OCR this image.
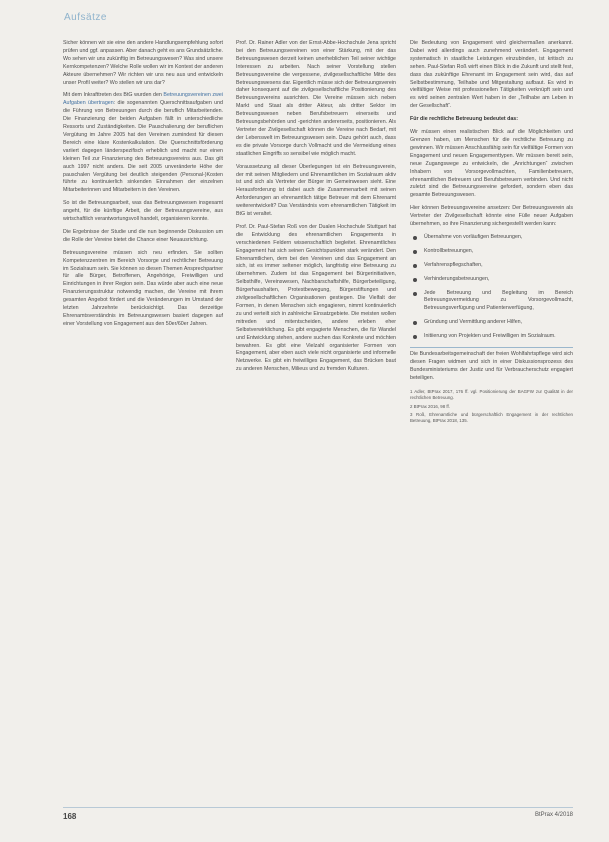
Aufsätze

Sicher können wir sie eine den andere Handlungsempfehlung sofort prüfen und ggf. anpassen. Aber danach geht es ans Grundsätzliche. Wo sehen wir uns zukünftig im Betreuungswesen? Was sind unsere Kernkompetenzen? Welche Rolle wollen wir im Kontext der anderen Akteure übernehmen? Wir richten wir uns neu aus und entwickeln unser Profil weiter? Wo stellen wir uns dar?

Mit dem Inkrafttreten des BtG wurden den Betreuungsvereinen zwei Aufgaben übertragen: die sogenannten Querschnittsaufgaben und die Führung von Betreuungen durch die beruflich Mitarbeitenden. Die Finanzierung der beiden Aufgaben fällt in unterschiedliche Ressorts und Zuständigkeiten. Die Pauschalierung der beruflichen Vergütung im Jahre 2005 hat den Vereinen zumindest für diesen Bereich eine klare Kostenkalkulation. Die Querschnittsförderung variiert dagegen länderspezifisch erheblich und macht nur einen kleinen Teil zur Finanzierung des Betreuungsvereins aus. Das gilt auch 1997 nicht anders. Die seit 2005 unveränderte Höhe der pauschalen Vergütung bei deutlich steigenden (Personal-)Kosten führte zu kontinuierlich sinkenden Einnahmen der einzelnen Mitarbeiterinnen und Mitarbeitern in den Vereinen.

So ist die Betreuungsarbeit, was das Betreuungswesen insgesamt angeht, für die künftige Arbeit, die der Betreuungsvereine, aus wirtschaftlich verantwortungsvoll handelt, organisieren konnte.

Die Ergebnisse der Studie und die nun beginnende Diskussion um die Rolle der Vereine bietet die Chance einer Neuausrichtung.

Betreuungsvereine müssen sich neu erfinden. Sie sollten Kompetenzzentren im Bereich Vorsorge und rechtlicher Betreuung im Sozialraum sein. Sie können so diesen Themen Ansprechpartner für alle Bürger, Betroffenen, Angehörige, Freiwilligen und Einrichtungen in ihrer Region sein. Das würde aber auch eine neue Finanzierungsstruktur notwendig machen, die Vereine mit ihrem gesamten Angebot fördert und die Veränderungen im Umstand der letzten Jahrzehnte berücksichtigt. Das derzeitige Ehrenamtsverständnis im Betreuungswesen basiert dagegen auf einer Vorstellung von Engagement aus den 50er/60er Jahren.

Prof. Dr. Rainer Adler von der Ernst-Abbe-Hochschule Jena spricht bei den Betreuungsvereinen von einer Stärkung, mit der das Betreuungswesen derzeit keinen unerheblichen Teil seiner wichtige Interessen zu arbeiten. Nach seiner Vorstellung stellen Betreuungsvereine die vergessene, zivilgesellschaftliche Mitte des Betreuungswesens dar. Eigentlich müsse sich der Betreuungsverein daher konsequent auf die zivilgesellschaftliche Positionierung des Betreuungsvereins ausrichten. Die Vereine müssen sich neben Markt und Staat als dritter Akteur, als dritter Sektor im Betreuungswesen neben Berufsbetreuern einerseits und Betreuungsbehörden und -gerichten andererseits, positionieren. Als Vertreter der Zivilgesellschaft können die Vereine nach Bedarf, mit der Lebenswelt im Betreuungswesen sein. Dazu gehört auch, dass es die private Vorsorge durch Vollmacht und die Vermeidung eines staatlichen Eingriffs so sensibel wie möglich macht.

Voraussetzung all dieser Überlegungen ist ein Betreuungsverein, der mit seinen Mitgliedern und Ehrenamtlichen im Sozialraum aktiv ist und sich als Vertreter der Bürger im Gemeinwesen sieht. Eine Herausforderung ist dabei auch die Zusammenarbeit mit seinen Anforderungen an ehrenamtlich tätige Betreuer mit dem Ehrenamt weiterentwickelt? Das Verständnis vom ehrenamtlichen Tätigkeit im BtG ist veraltet.

Prof. Dr. Paul-Stefan Roß von der Dualen Hochschule Stuttgart hat die Entwicklung des ehrenamtlichen Engagements in verschiedenen Feldern wissenschaftlich begleitet. Ehrenamtliches Engagement hat sich seinen Gesichtspunkten stark verändert. Den Ehrenamtlichen, dem bei den Vereinen und das Engagement an sich, ist es immer seltener möglich, langfristig eine Betreuung zu übernehmen. Zudem ist das Engagement bei Bürgerinitiativen, Selbsthilfe, Vereinswesen, Nachbarschaftshilfe, Bürgerbeteiligung, Bürgerhaushalten, Protestbewegung, Bürgerstiftungen und zivilgesellschaftlichen Organisationen gestiegen. Die Vielfalt der Formen, in denen Menschen sich engagieren, nimmt kontinuierlich zu und verteilt sich in zahlreiche Einsatzgebiete. Die meisten wollen mitreden und mitentscheiden, andere erleben eher Selbstverwirklichung. Es gibt engagierte Menschen, die für Wandel und Entwicklung stehen, andere suchen das Konkrete und möchten bewahren. Es gibt eine Vielzahl organisierter Formen von Engagement, aber eben auch viele nicht organisierte und informelle Netzwerke. Es gibt ein freiwilliges Engagement, das Brücken baut zu anderen Menschen, Milieus und zu fremden Kulturen.

Die Bedeutung von Engagement wird gleichermaßen anerkannt. Dabei wird allerdings auch zunehmend verändert. Engagement systematisch in staatliche Leistungen einzubinden, ist kritisch zu sehen. Paul-Stefan Roß wirft einen Blick in die Zukunft und stellt fest, dass das zukünftige Ehrenamt im Engagement sein wird, das auf Selbstbestimmung, Teilhabe und Mitgestaltung aufbaut. Es wird in vielfältiger Weise mit professionellen Tätigkeiten verknüpft sein und es wird seinen zentralen Wert haben in der „Teilhabe am Leben in der Gesellschaft“.

Für die rechtliche Betreuung bedeutet das:

Wir müssen einen realistischen Blick auf die Möglichkeiten und Grenzen haben, um Menschen für die rechtliche Betreuung zu gewinnen. Wir müssen Anschlussfähig sein für vielfältige Formen von Engagement und neuen Engagementtypen. Wir müssen bereit sein, neue Zugangswege zu entwickeln, die „Anrichtungen“ zwischen Inhabern von Vorsorgevollmachten, Familienbetreuern, ehrenamtlichen Betreuern und Berufsbetreuern verbinden. Und nicht zuletzt sind die Betreuungsvereine gefordert, sondern eben das gesamte Betreuungswesen.

Hier können Betreuungsvereine ansetzen: Der Betreuungsverein als Vertreter der Zivilgesellschaft könnte eine Fülle neuer Aufgaben übernehmen, so ihre Finanzierung sichergestellt werden kann:

Übernahme von vorläufigen Betreuungen,
Kontrollbetreuungen,
Verfahrenspflegschaften,
Verhinderungsbetreuungen,
Jede Betreuung und Begleitung im Bereich Betreuungsvermeidung zu Vorsorgevollmacht, Betreuungsverfügung und Patientenverfügung,
Gründung und Vermittlung anderer Hilfen,
Initiierung von Projekten und Freiwilligen im Sozialraum.

Die Bundesarbeitsgemeinschaft der freien Wohlfahrtspflege wird sich diesen Fragen widmen und sich in einer Diskussionsprozess des Bundesministeriums der Justiz und für Verbraucherschutz engagiert beteiligen.

1 Adler, BtPrax 2017, 176 ff. vgl. Positionierung der BAGFW zur Qualität in der rechtlichen Betreuung.
2 BtPrax 2016, 98 ff.
3 Roß, Ehrenamtliche und bürgerschaftlich Engagement in der rechtlichen Betreuung, BtPrax 2018, 135.
168	BtPrax 4/2018
